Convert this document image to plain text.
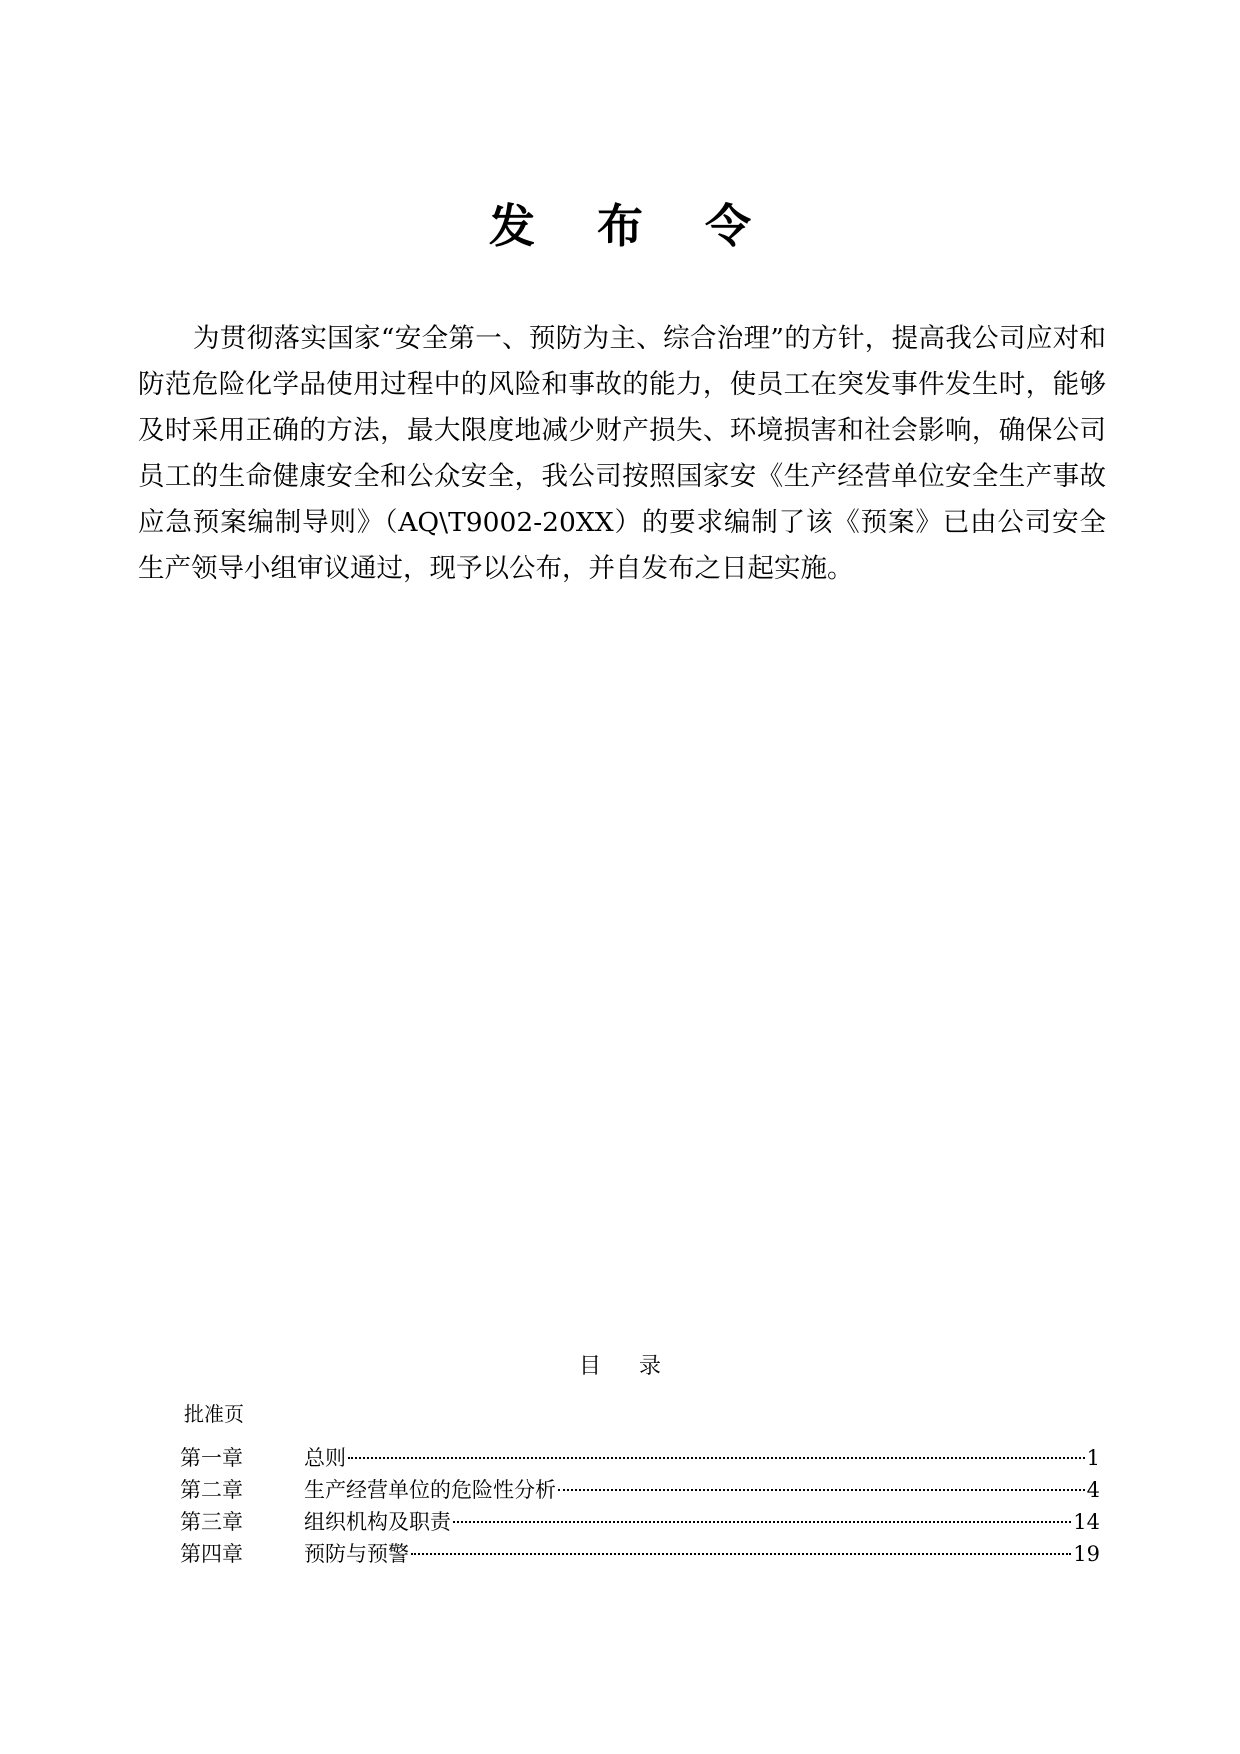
发布令

为贯彻落实国家“安全第一、预防为主、综合治理”的方针，提高我公司应对和防范危险化学品使用过程中的风险和事故的能力，使员工在突发事件发生时，能够及时采用正确的方法，最大限度地减少财产损失、环境损害和社会影响，确保公司员工的生命健康安全和公众安全，我公司按照国家安《生产经营单位安全生产事故应急预案编制导则》（AQ\T9002-20XX）的要求编制了该《预案》已由公司安全生产领导小组审议通过，现予以公布，并自发布之日起实施。

目录
批准页
第一章	总则	1
第二章	生产经营单位的危险性分析	4
第三章	组织机构及职责	14
第四章	预防与预警	19
